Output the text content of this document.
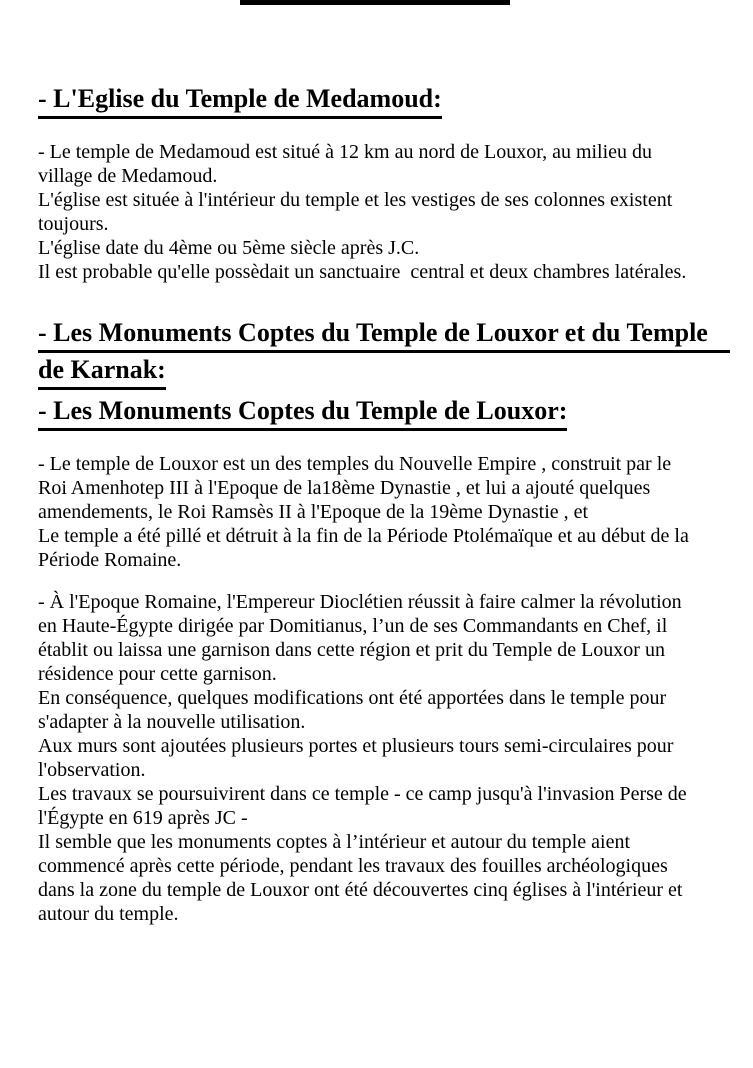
- L'Eglise du Temple de Medamoud:
- Le temple de Medamoud est situé à 12 km au nord de Louxor, au milieu du
village de Medamoud.
L'église est située à l'intérieur du temple et les vestiges de ses colonnes existent
toujours.
L'église date du 4ème ou 5ème siècle après J.C.
Il est probable qu'elle possèdait un sanctuaire  central et deux chambres latérales.
- Les Monuments Coptes du Temple de Louxor et du Temple
de Karnak:
- Les Monuments Coptes du Temple de Louxor:
- Le temple de Louxor est un des temples du Nouvelle Empire , construit par le
Roi Amenhotep III à l'Epoque de la18ème Dynastie , et lui a ajouté quelques
amendements, le Roi Ramsès II à l'Epoque de la 19ème Dynastie , et
Le temple a été pillé et détruit à la fin de la Période Ptolémaïque et au début de la
Période Romaine.
- À l'Epoque Romaine, l'Empereur Dioclétien réussit à faire calmer la révolution
en Haute-Égypte dirigée par Domitianus, l’un de ses Commandants en Chef, il
établit ou laissa une garnison dans cette région et prit du Temple de Louxor un
résidence pour cette garnison.
En conséquence, quelques modifications ont été apportées dans le temple pour
s'adapter à la nouvelle utilisation.
Aux murs sont ajoutées plusieurs portes et plusieurs tours semi-circulaires pour
l'observation.
Les travaux se poursuivirent dans ce temple - ce camp jusqu'à l'invasion Perse de
l'Égypte en 619 après JC -
Il semble que les monuments coptes à l’intérieur et autour du temple aient
commencé après cette période, pendant les travaux des fouilles archéologiques
dans la zone du temple de Louxor ont été découvertes cinq églises à l'intérieur et
autour du temple.
